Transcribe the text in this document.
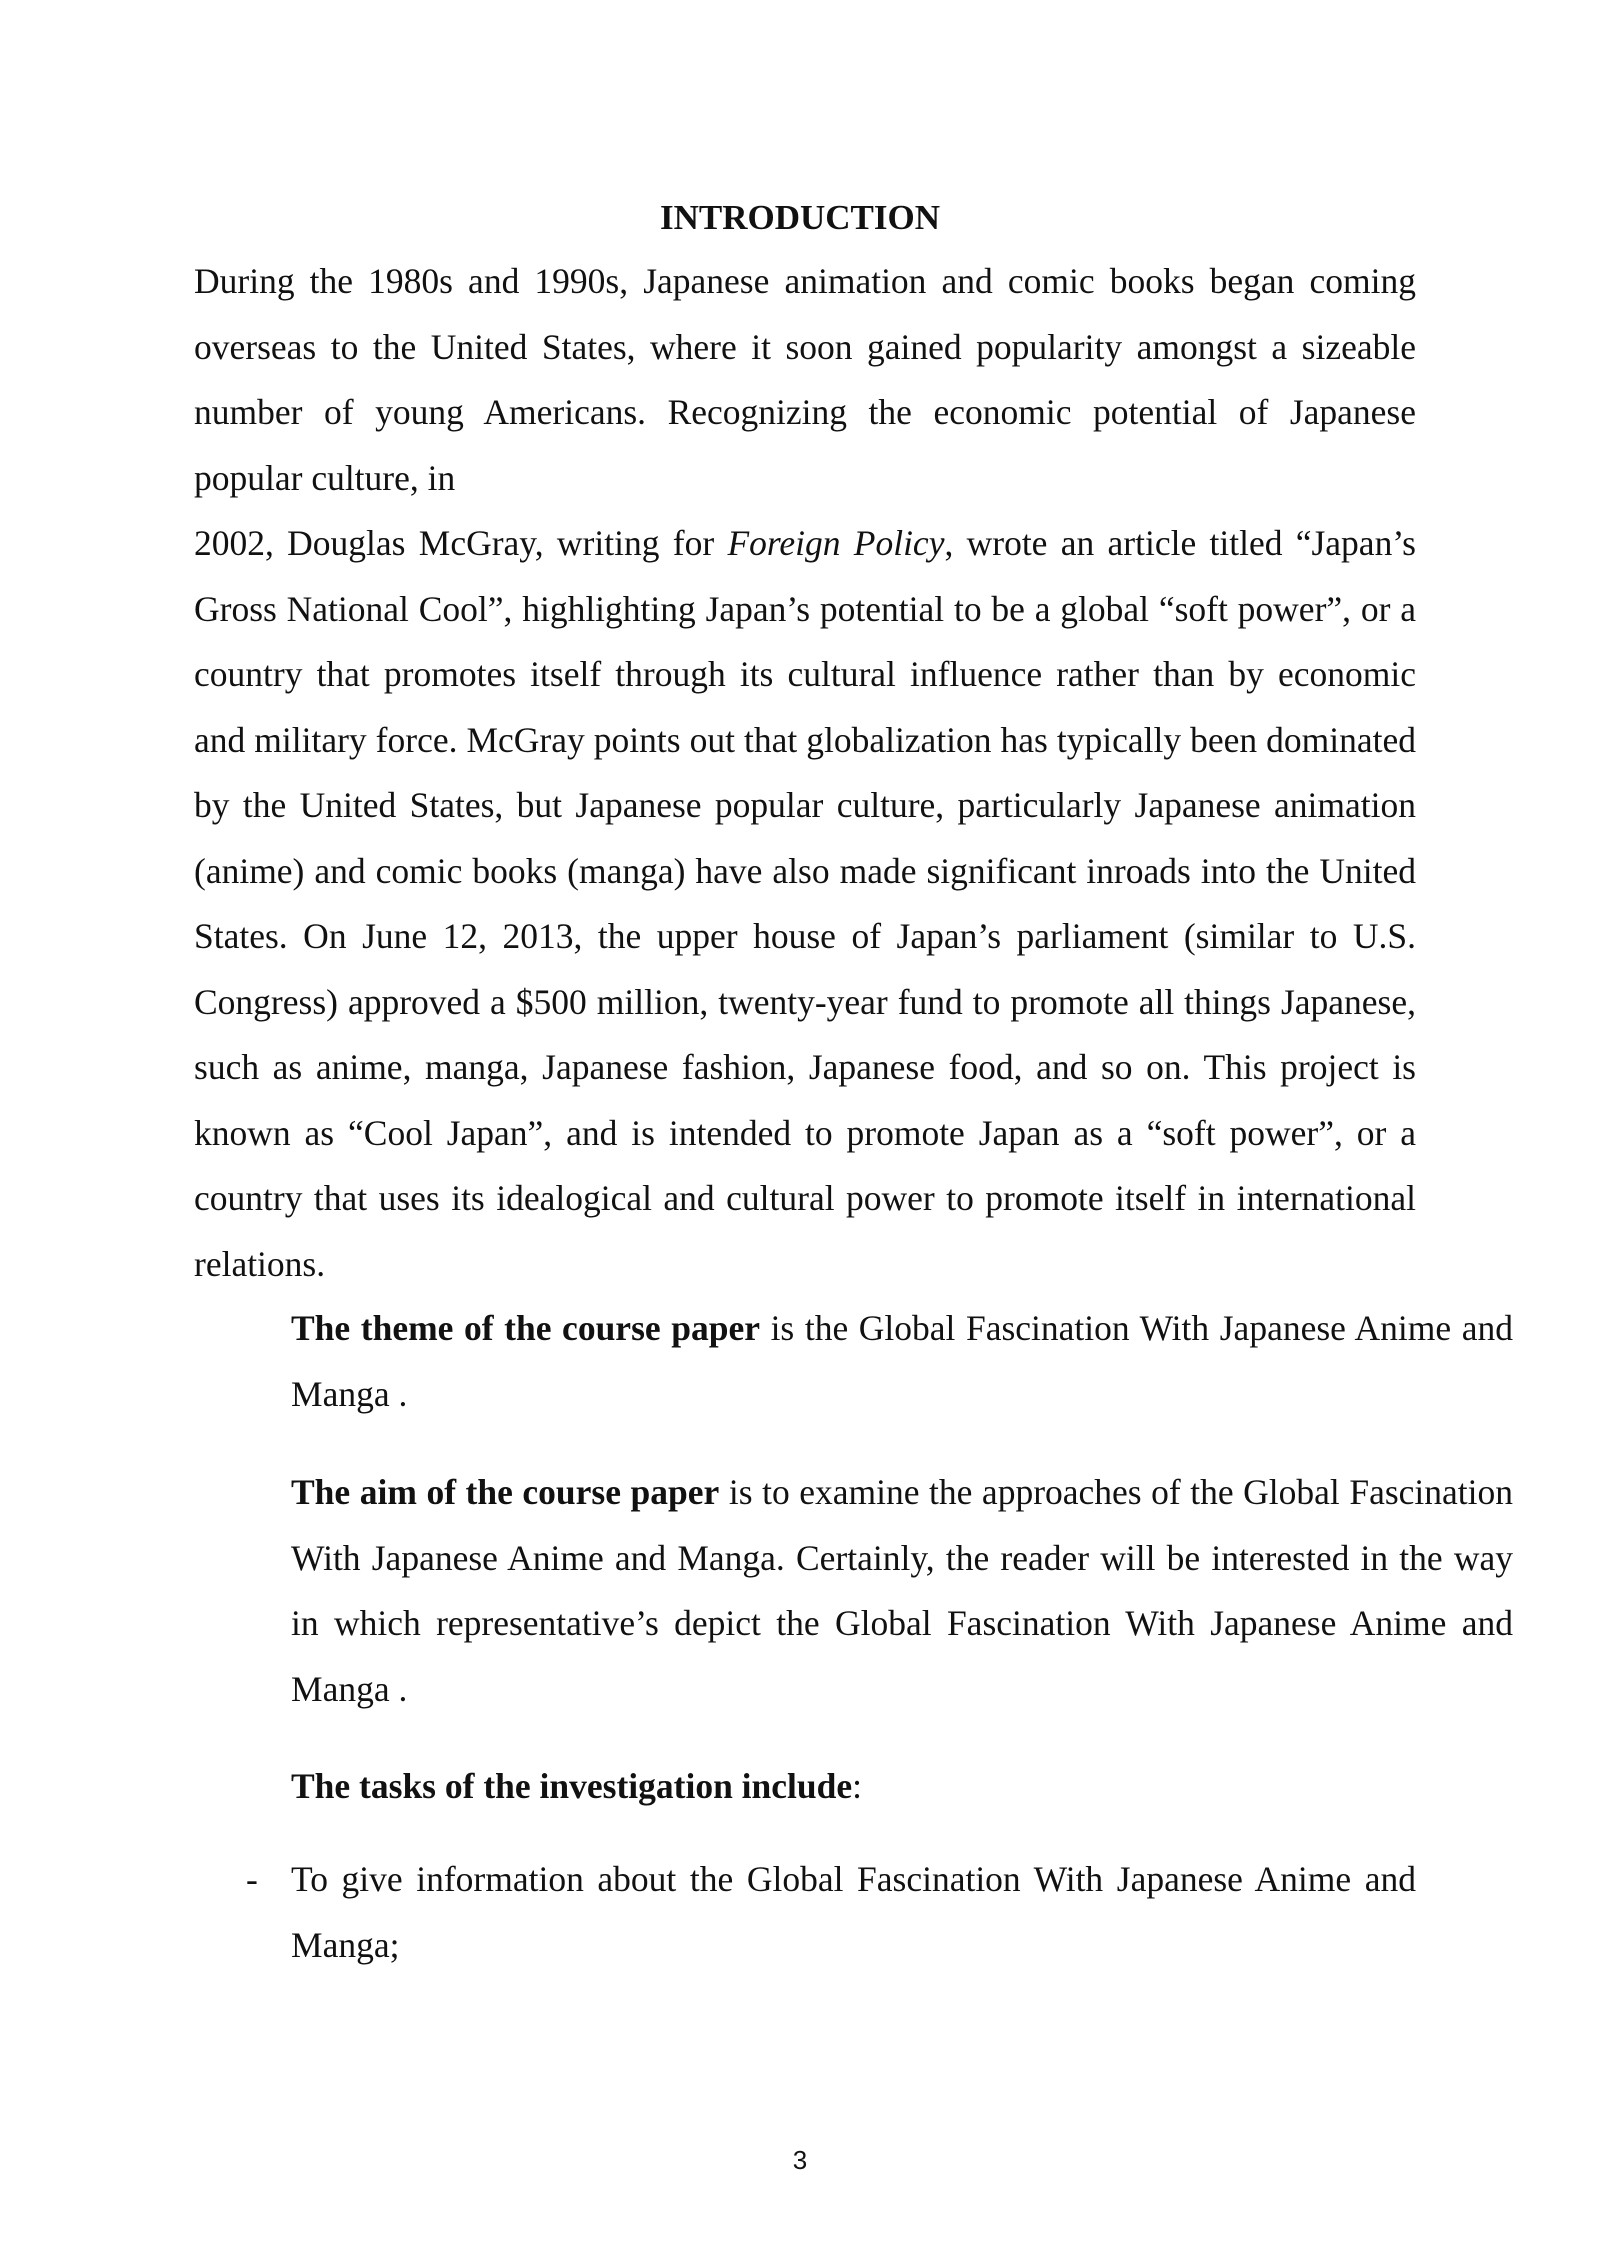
INTRODUCTION
During the 1980s and 1990s, Japanese animation and comic books began coming overseas to the United States, where it soon gained popularity amongst a sizeable number of young Americans. Recognizing the economic potential of Japanese popular culture, in
2002, Douglas McGray, writing for Foreign Policy, wrote an article titled “Japan’s Gross National Cool”, highlighting Japan’s potential to be a global “soft power”, or a country that promotes itself through its cultural influence rather than by economic and military force. McGray points out that globalization has typically been dominated by the United States, but Japanese popular culture, particularly Japanese animation (anime) and comic books (manga) have also made significant inroads into the United States. On June 12, 2013, the upper house of Japan’s parliament (similar to U.S. Congress) approved a $500 million, twenty-year fund to promote all things Japanese, such as anime, manga, Japanese fashion, Japanese food, and so on. This project is known as “Cool Japan”, and is intended to promote Japan as a “soft power”, or a country that uses its idealogical and cultural power to promote itself in international relations.
The theme of the course paper is the Global Fascination With Japanese Anime and Manga .
The aim of the course paper is to examine the approaches of the Global Fascination With Japanese Anime and Manga. Certainly, the reader will be interested in the way in which representative’s depict the Global Fascination With Japanese Anime and Manga .
The tasks of the investigation include:
- To give information about the Global Fascination With Japanese Anime and Manga;
3
